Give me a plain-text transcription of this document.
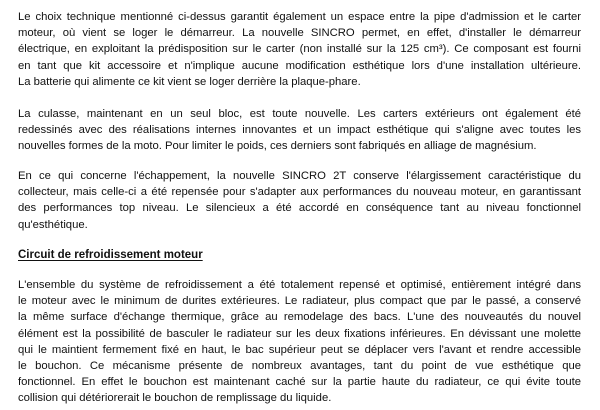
Le choix technique mentionné ci-dessus garantit également un espace entre la pipe d'admission et le carter
moteur, où vient se loger le démarreur. La nouvelle SINCRO permet, en effet, d'installer le démarreur
électrique, en exploitant la prédisposition sur le carter (non installé sur la 125 cm³). Ce composant est fourni
en tant que kit accessoire et n'implique aucune modification esthétique lors d'une installation ultérieure.
La batterie qui alimente ce kit vient se loger derrière la plaque-phare.
La culasse, maintenant en un seul bloc, est toute nouvelle. Les carters extérieurs ont également été
redessinés avec des réalisations internes innovantes et un impact esthétique qui s'aligne avec toutes les
nouvelles formes de la moto. Pour limiter le poids, ces derniers sont fabriqués en alliage de magnésium.
En ce qui concerne l'échappement, la nouvelle SINCRO 2T conserve l'élargissement caractéristique du
collecteur, mais celle-ci a été repensée pour s'adapter aux performances du nouveau moteur, en garantissant
des performances top niveau. Le silencieux a été accordé en conséquence tant au niveau fonctionnel
qu'esthétique.
Circuit de refroidissement moteur
L'ensemble du système de refroidissement a été totalement repensé et optimisé, entièrement intégré dans
le moteur avec le minimum de durites extérieures. Le radiateur, plus compact que par le passé, a conservé
la même surface d'échange thermique, grâce au remodelage des bacs. L'une des nouveautés du nouvel
élément est la possibilité de basculer le radiateur sur les deux fixations inférieures. En dévissant une molette
qui le maintient fermement fixé en haut, le bac supérieur peut se déplacer vers l'avant et rendre accessible
le bouchon. Ce mécanisme présente de nombreux avantages, tant du point de vue esthétique que
fonctionnel. En effet le bouchon est maintenant caché sur la partie haute du radiateur, ce qui évite toute
collision qui détériorerait le bouchon de remplissage du liquide.
